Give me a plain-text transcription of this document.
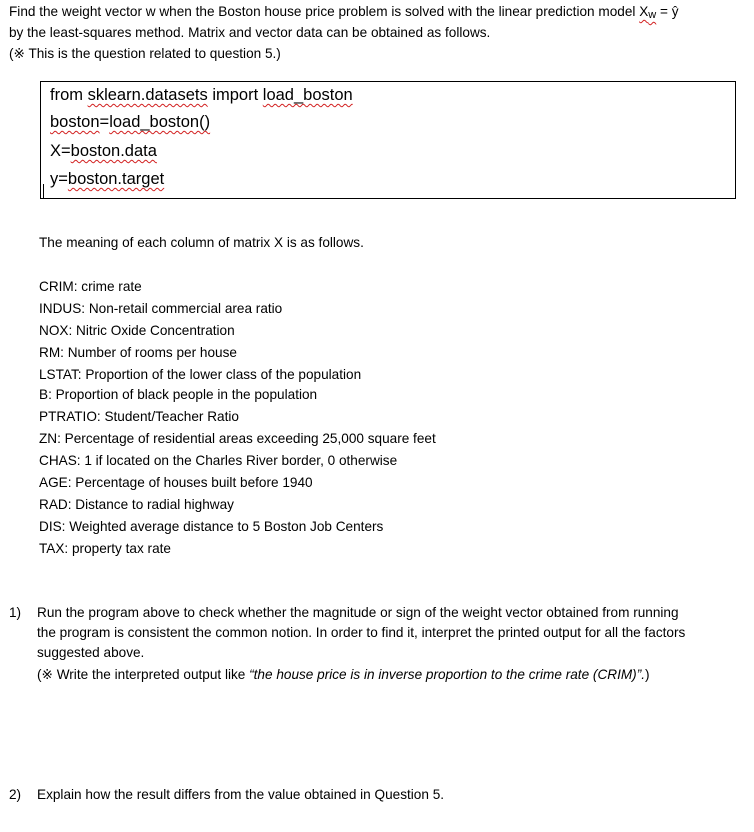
Find the weight vector w when the Boston house price problem is solved with the linear prediction model Xw = ŷ
by the least-squares method. Matrix and vector data can be obtained as follows.
(※ This is the question related to question 5.)
from sklearn.datasets import load_boston
boston=load_boston()
X=boston.data
y=boston.target
The meaning of each column of matrix X is as follows.
CRIM: crime rate
INDUS: Non-retail commercial area ratio
NOX: Nitric Oxide Concentration
RM: Number of rooms per house
LSTAT: Proportion of the lower class of the population
B: Proportion of black people in the population
PTRATIO: Student/Teacher Ratio
ZN: Percentage of residential areas exceeding 25,000 square feet
CHAS: 1 if located on the Charles River border, 0 otherwise
AGE: Percentage of houses built before 1940
RAD: Distance to radial highway
DIS: Weighted average distance to 5 Boston Job Centers
TAX: property tax rate
1) Run the program above to check whether the magnitude or sign of the weight vector obtained from running
the program is consistent the common notion. In order to find it, interpret the printed output for all the factors
suggested above.
(※ Write the interpreted output like “the house price is in inverse proportion to the crime rate (CRIM)”.)
2) Explain how the result differs from the value obtained in Question 5.
